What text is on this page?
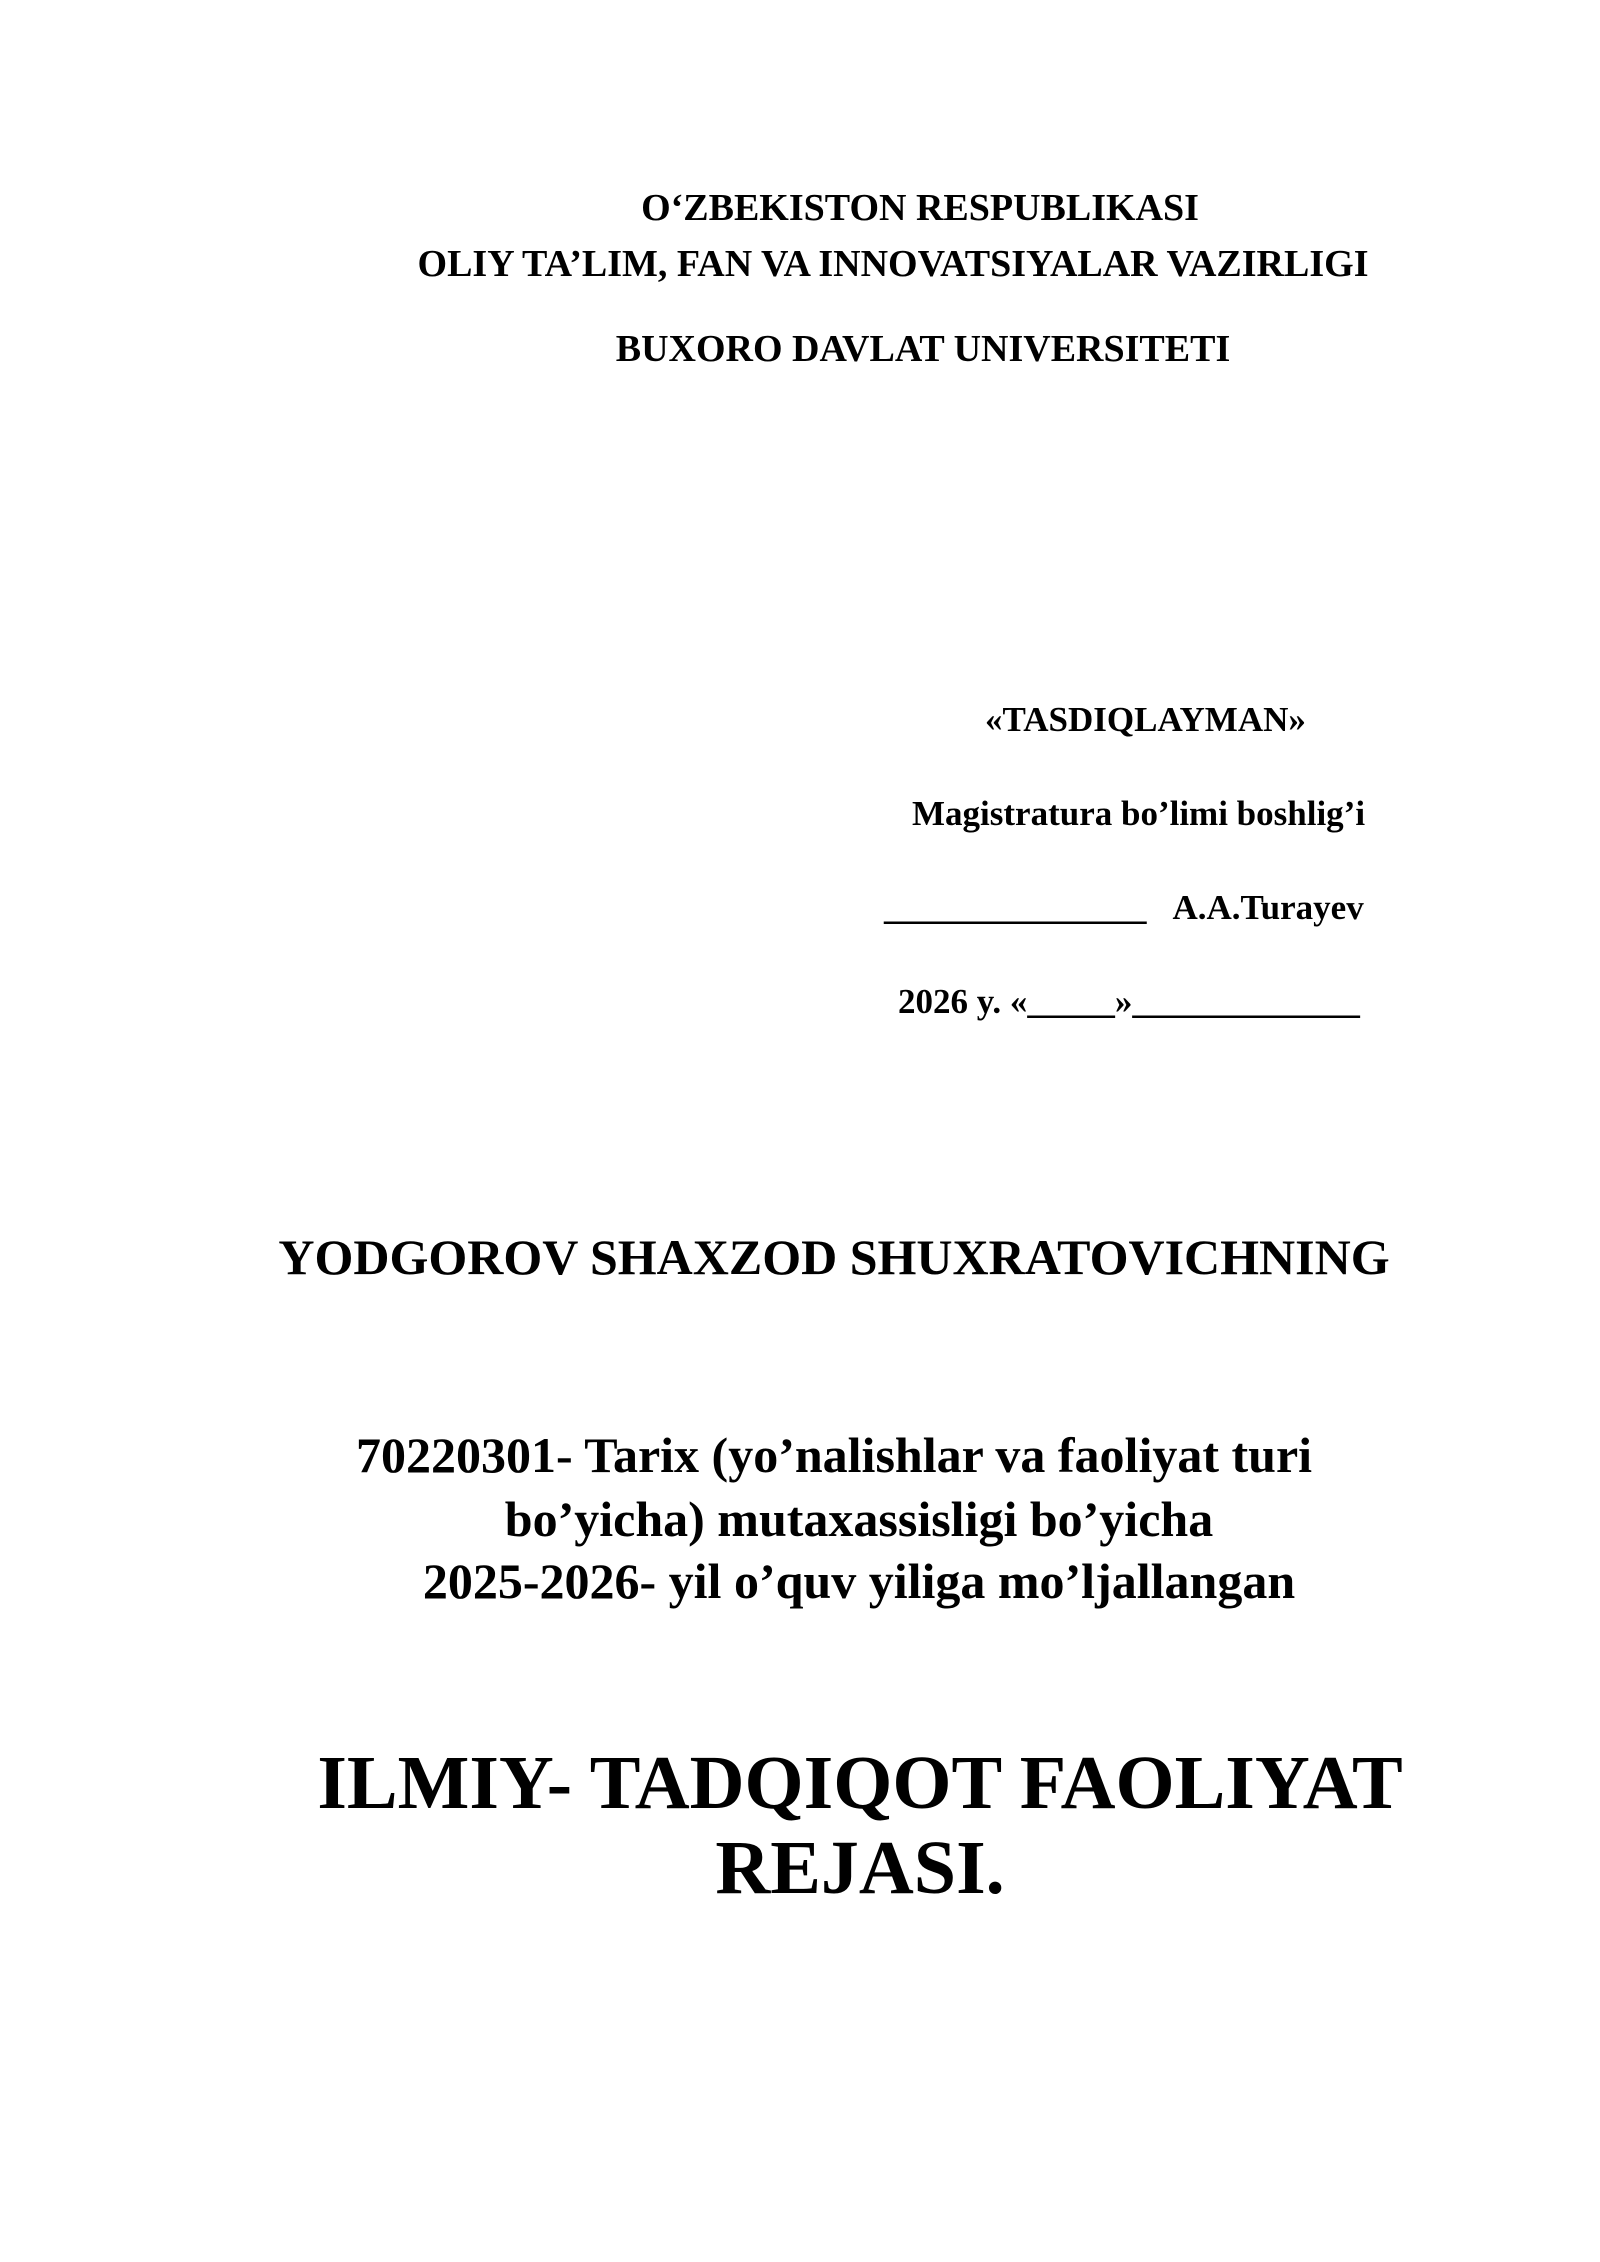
O‘ZBEKISTON RESPUBLIKASI
OLIY TA’LIM, FAN VA INNOVATSIYALAR VAZIRLIGI
BUXORO DAVLAT UNIVERSITETI
«TASDIQLAYMAN»
Magistratura bo’limi boshlig’i
_______________ A.A.Turayev
2026 y. «_____»_____________
YODGOROV SHAXZOD SHUXRATOVICHNING
70220301- Tarix (yo’nalishlar va faoliyat turi
bo’yicha) mutaxassisligi bo’yicha
2025-2026- yil o’quv yiliga mo’ljallangan
ILMIY- TADQIQOT FAOLIYAT
REJASI.
